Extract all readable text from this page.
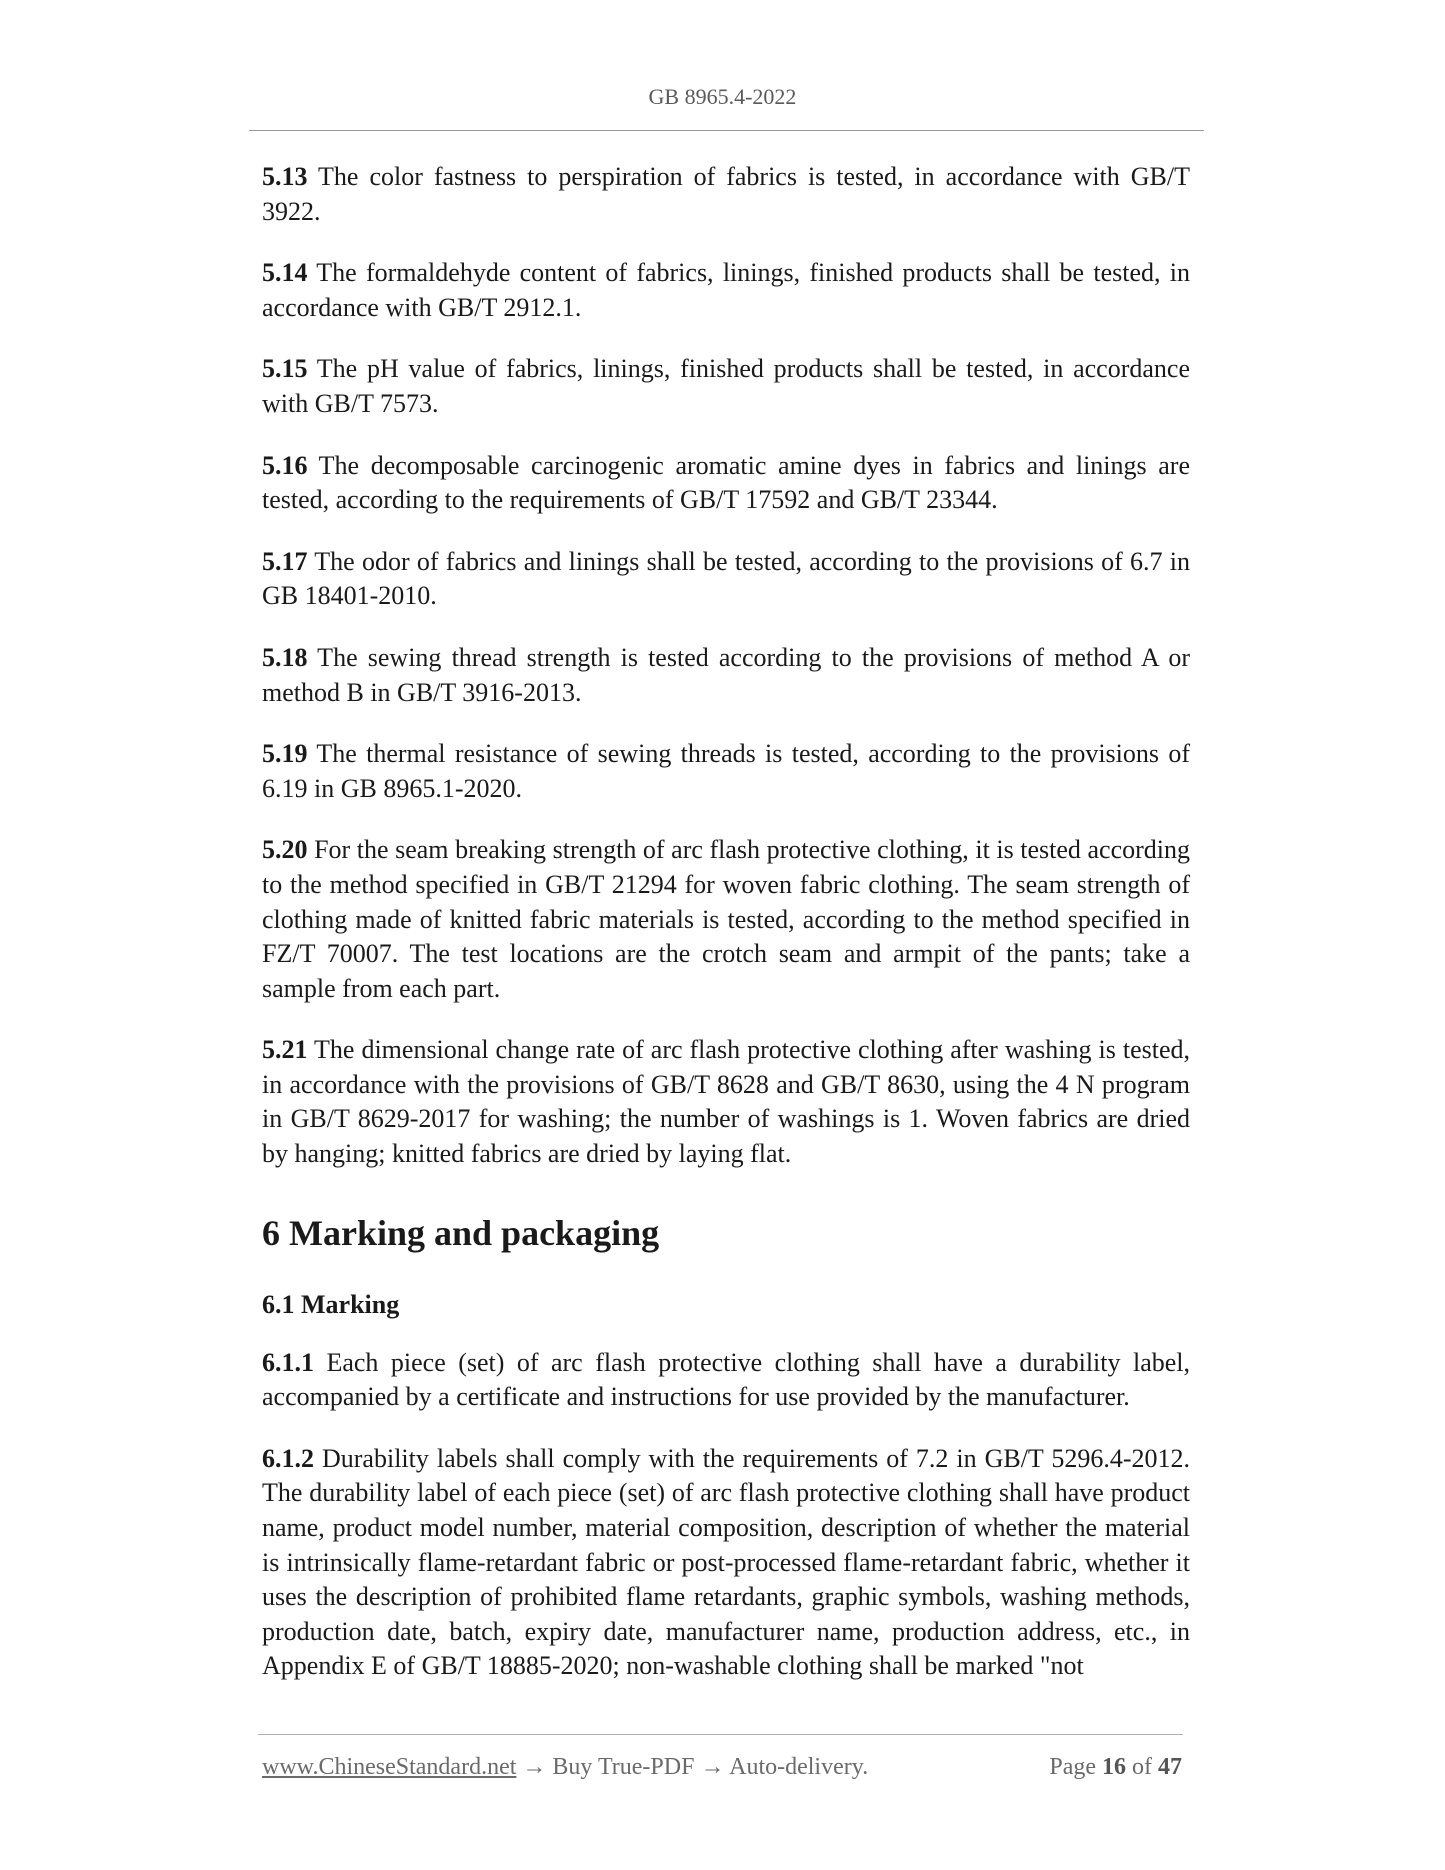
GB 8965.4-2022

5.13 The color fastness to perspiration of fabrics is tested, in accordance with GB/T 3922.

5.14 The formaldehyde content of fabrics, linings, finished products shall be tested, in accordance with GB/T 2912.1.

5.15 The pH value of fabrics, linings, finished products shall be tested, in accordance with GB/T 7573.

5.16 The decomposable carcinogenic aromatic amine dyes in fabrics and linings are tested, according to the requirements of GB/T 17592 and GB/T 23344.

5.17 The odor of fabrics and linings shall be tested, according to the provisions of 6.7 in GB 18401-2010.

5.18 The sewing thread strength is tested according to the provisions of method A or method B in GB/T 3916-2013.

5.19 The thermal resistance of sewing threads is tested, according to the provisions of 6.19 in GB 8965.1-2020.

5.20 For the seam breaking strength of arc flash protective clothing, it is tested according to the method specified in GB/T 21294 for woven fabric clothing. The seam strength of clothing made of knitted fabric materials is tested, according to the method specified in FZ/T 70007. The test locations are the crotch seam and armpit of the pants; take a sample from each part.

5.21 The dimensional change rate of arc flash protective clothing after washing is tested, in accordance with the provisions of GB/T 8628 and GB/T 8630, using the 4 N program in GB/T 8629-2017 for washing; the number of washings is 1. Woven fabrics are dried by hanging; knitted fabrics are dried by laying flat.

6 Marking and packaging
6.1 Marking

6.1.1 Each piece (set) of arc flash protective clothing shall have a durability label, accompanied by a certificate and instructions for use provided by the manufacturer.

6.1.2 Durability labels shall comply with the requirements of 7.2 in GB/T 5296.4-2012. The durability label of each piece (set) of arc flash protective clothing shall have product name, product model number, material composition, description of whether the material is intrinsically flame-retardant fabric or post-processed flame-retardant fabric, whether it uses the description of prohibited flame retardants, graphic symbols, washing methods, production date, batch, expiry date, manufacturer name, production address, etc., in Appendix E of GB/T 18885-2020; non-washable clothing shall be marked "not

www.ChineseStandard.net → Buy True-PDF → Auto-delivery.	Page 16 of 47
